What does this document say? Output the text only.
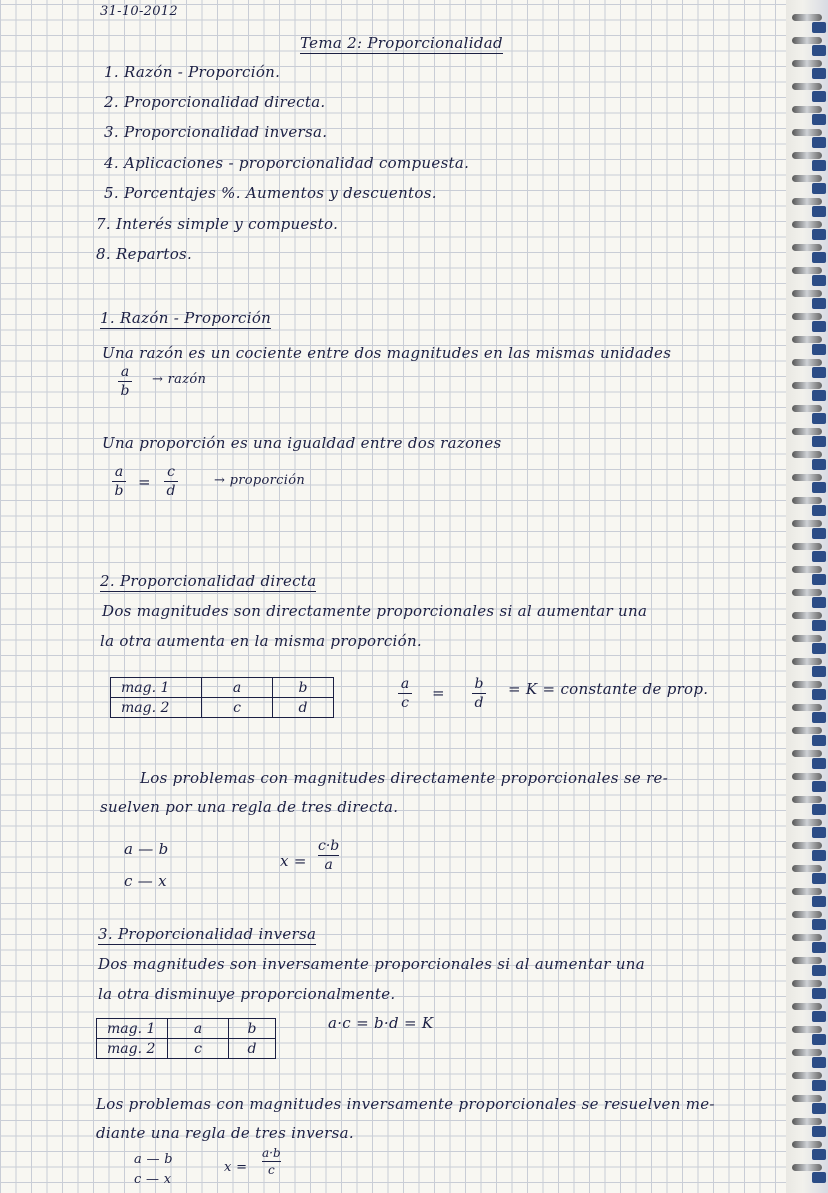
31-10-2012
Tema 2: Proporcionalidad
1. Razón - Proporción.
2. Proporcionalidad directa.
3. Proporcionalidad inversa.
4. Aplicaciones - proporcionalidad compuesta.
5. Porcentajes %. Aumentos y descuentos.
7. Interés simple y compuesto.
8. Repartos.
1. Razón - Proporción
Una razón es un cociente entre dos magnitudes en las mismas unidades
a
b
→ razón
Una proporción es una igualdad entre dos razones
a
b =
c
d
→ proporción
2. Proporcionalidad directa
Dos magnitudes son directamente proporcionales si al aumentar una
la otra aumenta en la misma proporción.
mag. 1	a	b
mag. 2	c	d
a
c
= b
d
= K = constante de prop.
Los problemas con magnitudes directamente proporcionales se re-
suelven por una regla de tres directa.
a — b
c — x
x =
c·b
a
3. Proporcionalidad inversa
Dos magnitudes son inversamente proporcionales si al aumentar una
la otra disminuye proporcionalmente.
mag. 1	a	b
mag. 2	c	d
a·c = b·d = K
Los problemas con magnitudes inversamente proporcionales se resuelven me-
diante una regla de tres inversa.
a — b
c — x
x =
a·b
c
